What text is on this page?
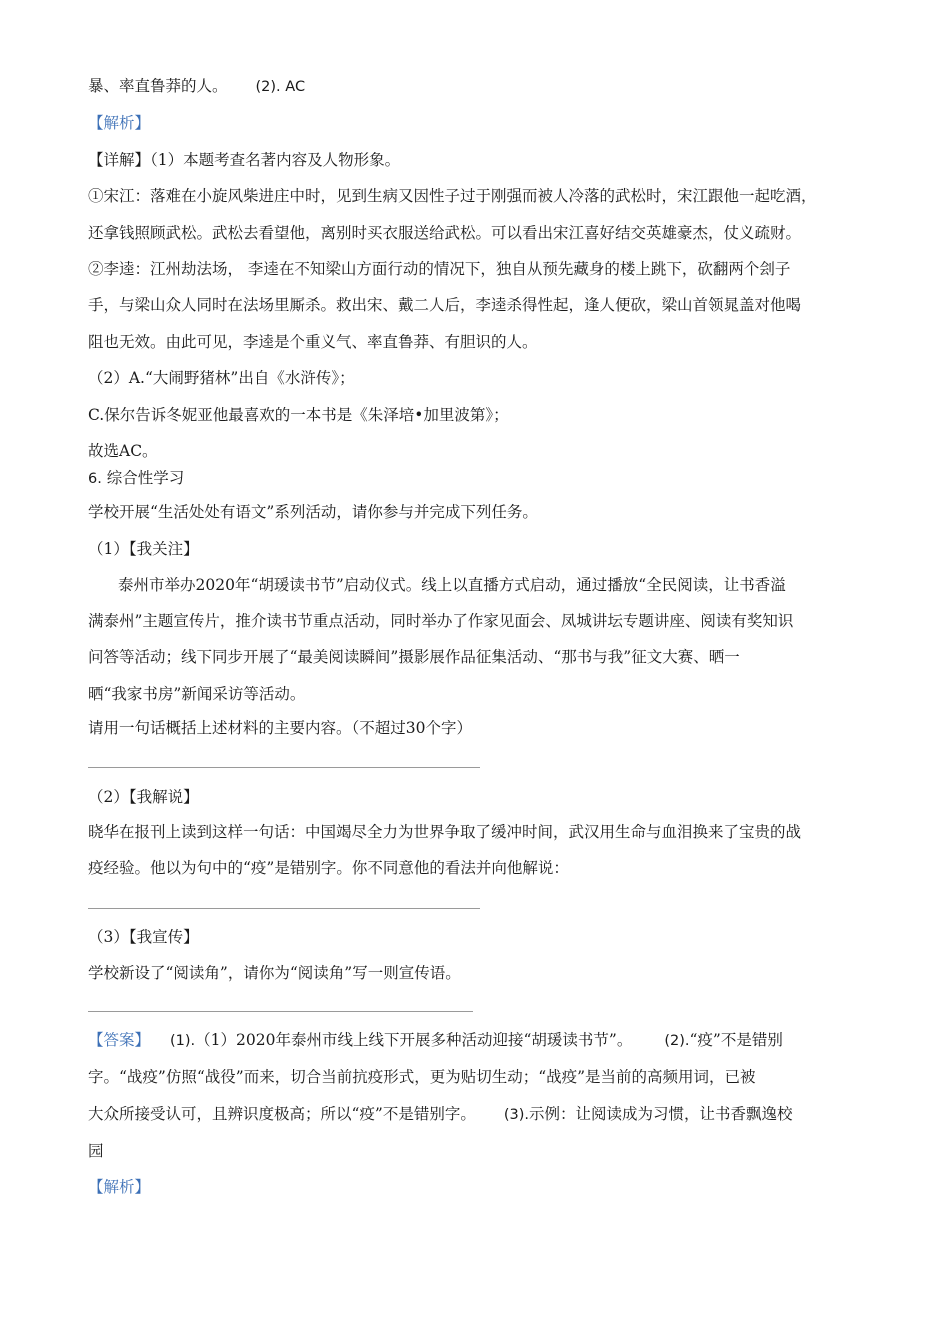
暴、率直鲁莽的人。 (2). AC
【解析】
【详解】（1）本题考查名著内容及人物形象。
①宋江：落难在小旋风柴进庄中时，见到生病又因性子过于刚强而被人冷落的武松时，宋江跟他一起吃酒，
还拿钱照顾武松。武松去看望他，离别时买衣服送给武松。可以看出宋江喜好结交英雄豪杰，仗义疏财。
②李逵：江州劫法场， 李逵在不知梁山方面行动的情况下，独自从预先藏身的楼上跳下，砍翻两个刽子
手，与梁山众人同时在法场里厮杀。救出宋、戴二人后，李逵杀得性起，逢人便砍，梁山首领晁盖对他喝
阻也无效。由此可见，李逵是个重义气、率直鲁莽、有胆识的人。
（2）A.“大闹野猪林”出自《水浒传》；
C.保尔告诉冬妮亚他最喜欢的一本书是《朱泽培•加里波第》；
故选AC。
6. 综合性学习
学校开展“生活处处有语文”系列活动，请你参与并完成下列任务。
（1）【我关注】
泰州市举办2020年“胡瑗读书节”启动仪式。线上以直播方式启动，通过播放“全民阅读，让书香溢
满泰州”主题宣传片，推介读书节重点活动，同时举办了作家见面会、凤城讲坛专题讲座、阅读有奖知识
问答等活动；线下同步开展了“最美阅读瞬间”摄影展作品征集活动、“那书与我”征文大赛、晒一
晒“我家书房”新闻采访等活动。
请用一句话概括上述材料的主要内容。（不超过30个字）
（2）【我解说】
晓华在报刊上读到这样一句话：中国竭尽全力为世界争取了缓冲时间，武汉用生命与血泪换来了宝贵的战
疫经验。他以为句中的“疫”是错别字。你不同意他的看法并向他解说：
（3）【我宣传】
学校新设了“阅读角”，请你为“阅读角”写一则宣传语。
【答案】 (1).（1）2020年泰州市线上线下开展多种活动迎接“胡瑗读书节”。 (2).“疫”不是错别
字。“战疫”仿照“战役”而来，切合当前抗疫形式，更为贴切生动；“战疫”是当前的高频用词，已被
大众所接受认可，且辨识度极高；所以“疫”不是错别字。 (3).示例：让阅读成为习惯，让书香飘逸校
园
【解析】
